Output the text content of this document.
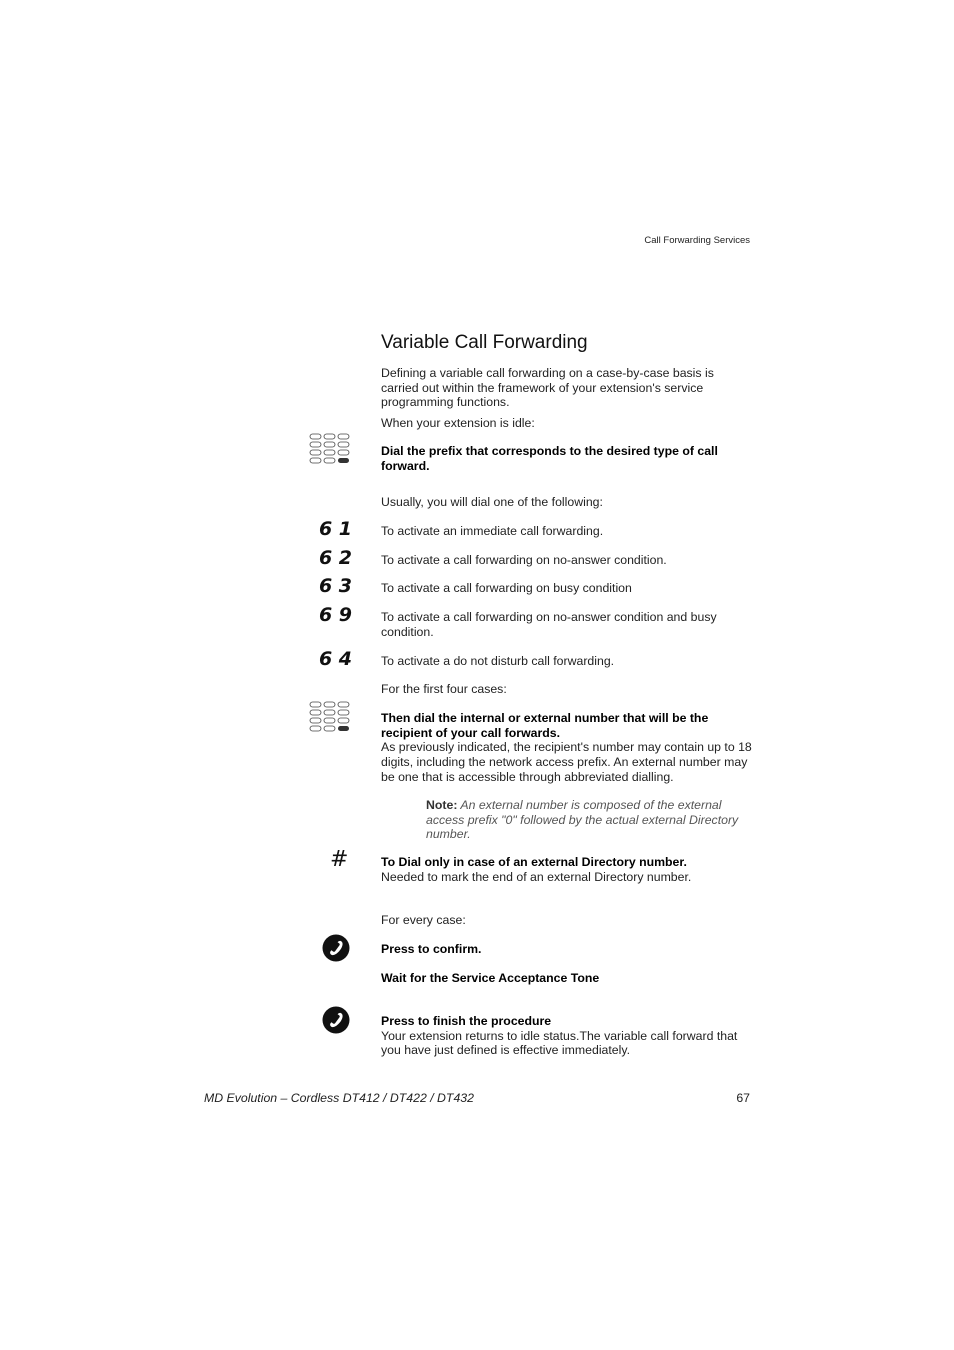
Call Forwarding Services
Variable Call Forwarding
Defining a variable call forwarding on a case-by-case basis is carried out within the framework of your extension's service programming functions.
When your extension is idle:
Dial the prefix that corresponds to the desired type of call forward.
Usually, you will dial one of the following:
6 1 To activate an immediate call forwarding.
6 2 To activate a call forwarding on no-answer condition.
6 3 To activate a call forwarding on busy condition
6 9 To activate a call forwarding on no-answer condition and busy condition.
6 4 To activate a do not disturb call forwarding.
For the first four cases:
Then dial the internal or external number that will be the recipient of your call forwards.
As previously indicated, the recipient's number may contain up to 18 digits, including the network access prefix. An external number may be one that is accessible through abbreviated dialling.
Note: An external number is composed of the external access prefix "0" followed by the actual external Directory number.
#	To Dial only in case of an external Directory number.
Needed to mark the end of an external Directory number.
For every case:
Press to confirm.
Wait for the Service Acceptance Tone
Press to finish the procedure
Your extension returns to idle status.The variable call forward that you have just defined is effective immediately.
MD Evolution – Cordless DT412 / DT422 / DT432	67
